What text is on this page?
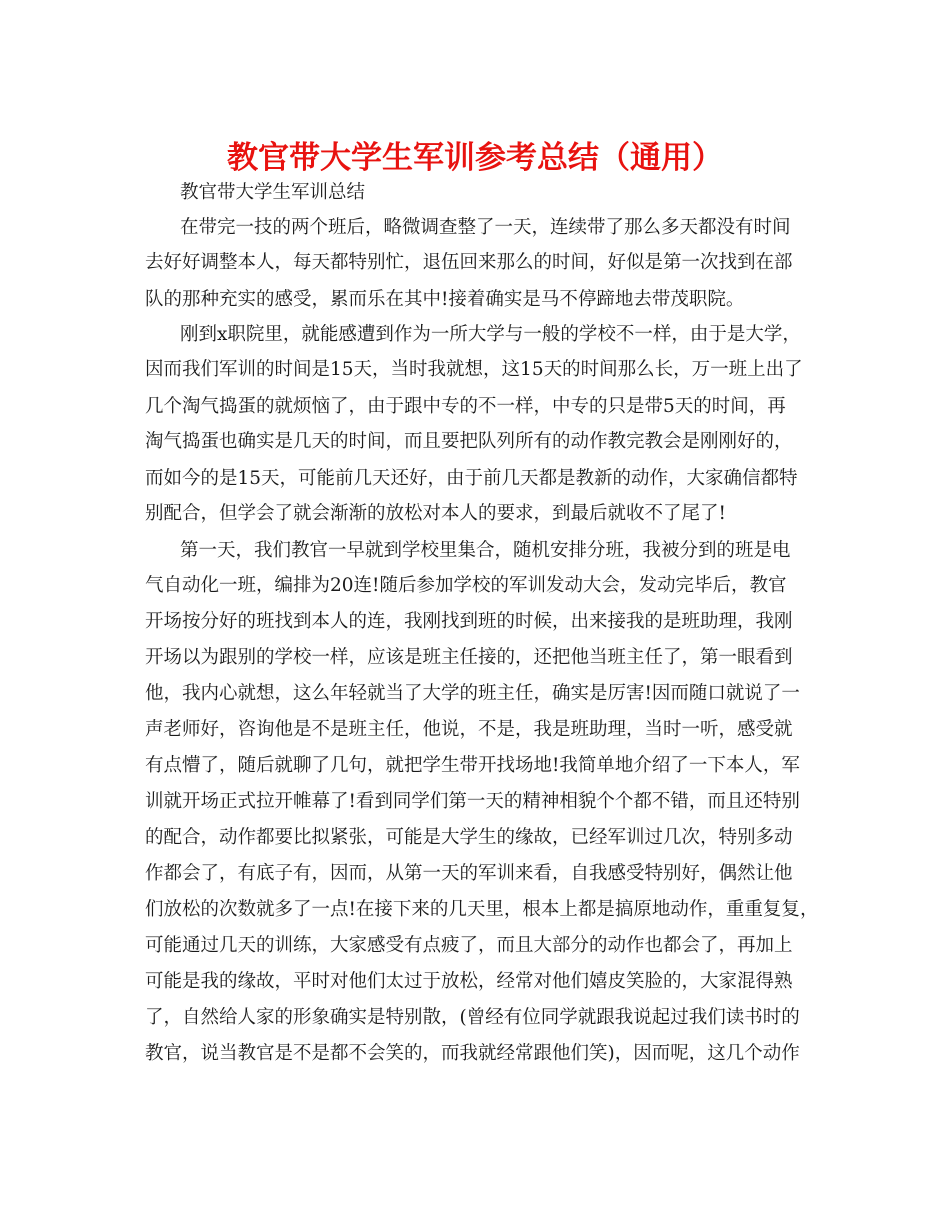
教官带大学生军训参考总结（通用）
教官带大学生军训总结
在带完一技的两个班后，略微调查整了一天，连续带了那么多天都没有时间
去好好调整本人，每天都特别忙，退伍回来那么的时间，好似是第一次找到在部
队的那种充实的感受，累而乐在其中!接着确实是马不停蹄地去带茂职院。
刚到x职院里，就能感遭到作为一所大学与一般的学校不一样，由于是大学，
因而我们军训的时间是15天，当时我就想，这15天的时间那么长，万一班上出了
几个淘气捣蛋的就烦恼了，由于跟中专的不一样，中专的只是带5天的时间，再
淘气捣蛋也确实是几天的时间，而且要把队列所有的动作教完教会是刚刚好的，
而如今的是15天，可能前几天还好，由于前几天都是教新的动作，大家确信都特
别配合，但学会了就会渐渐的放松对本人的要求，到最后就收不了尾了!
第一天，我们教官一早就到学校里集合，随机安排分班，我被分到的班是电
气自动化一班，编排为20连!随后参加学校的军训发动大会，发动完毕后，教官
开场按分好的班找到本人的连，我刚找到班的时候，出来接我的是班助理，我刚
开场以为跟别的学校一样，应该是班主任接的，还把他当班主任了，第一眼看到
他，我内心就想，这么年轻就当了大学的班主任，确实是厉害!因而随口就说了一
声老师好，咨询他是不是班主任，他说，不是，我是班助理，当时一听，感受就
有点懵了，随后就聊了几句，就把学生带开找场地!我简单地介绍了一下本人，军
训就开场正式拉开帷幕了!看到同学们第一天的精神相貌个个都不错，而且还特别
的配合，动作都要比拟紧张，可能是大学生的缘故，已经军训过几次，特别多动
作都会了，有底子有，因而，从第一天的军训来看，自我感受特别好，偶然让他
们放松的次数就多了一点!在接下来的几天里，根本上都是搞原地动作，重重复复，
可能通过几天的训练，大家感受有点疲了，而且大部分的动作也都会了，再加上
可能是我的缘故，平时对他们太过于放松，经常对他们嬉皮笑脸的，大家混得熟
了，自然给人家的形象确实是特别散，(曾经有位同学就跟我说起过我们读书时的
教官，说当教官是不是都不会笑的，而我就经常跟他们笑)，因而呢，这几个动作
